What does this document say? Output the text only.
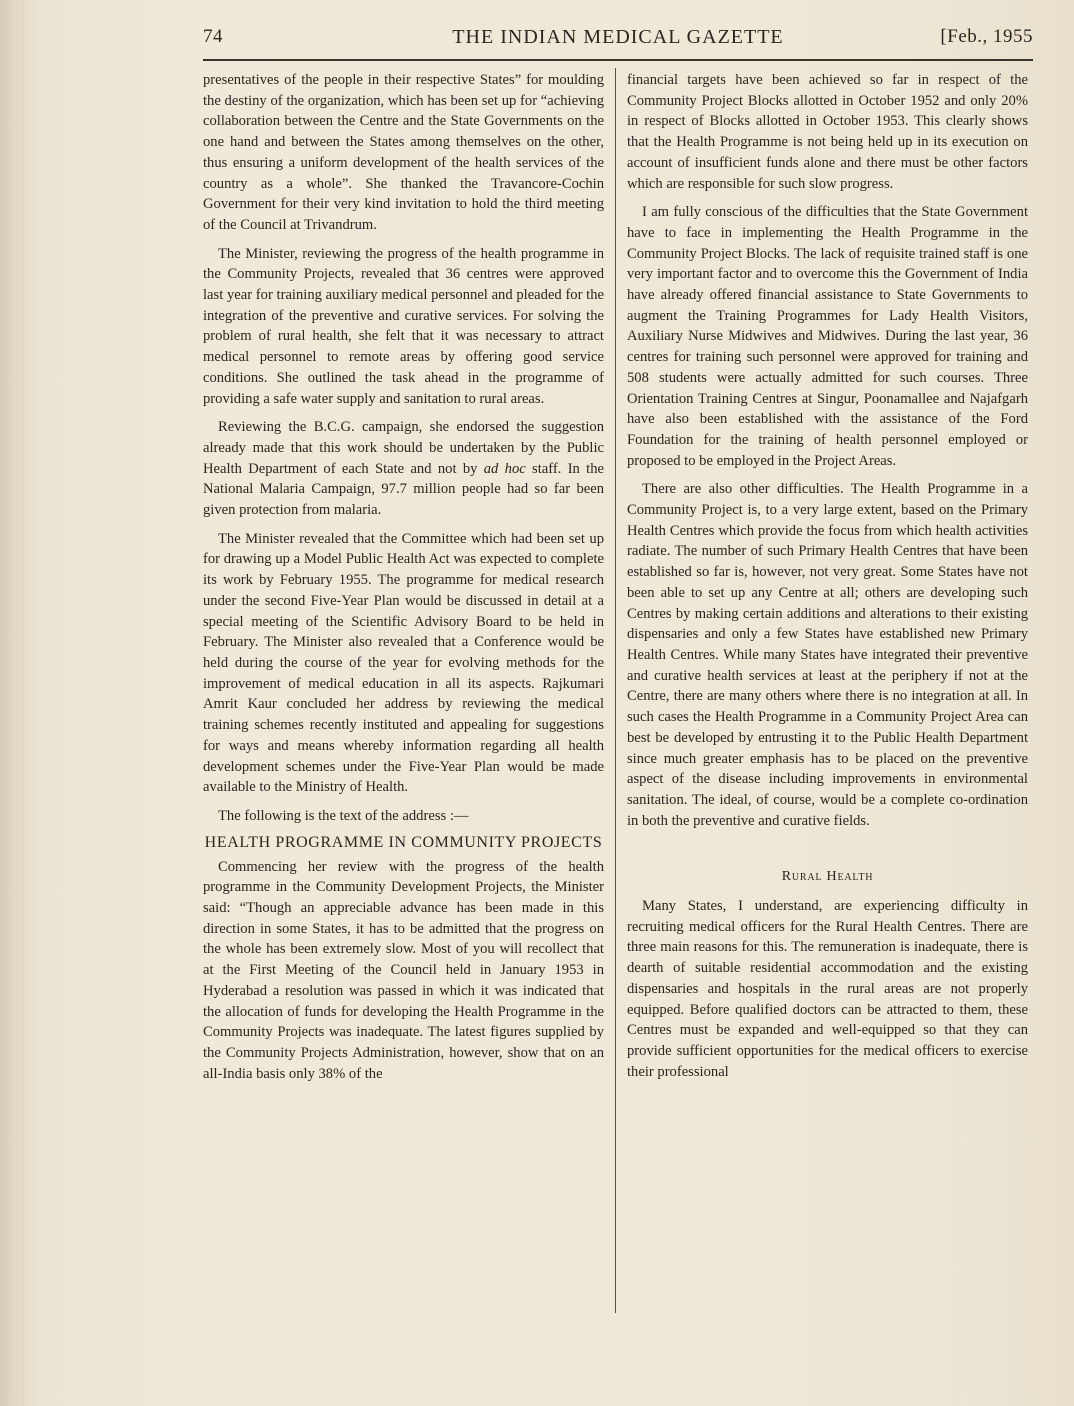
74	THE INDIAN MEDICAL GAZETTE	[Feb., 1955

presentatives of the people in their respective States” for moulding the destiny of the organization, which has been set up for “achieving collaboration between the Centre and the State Governments on the one hand and between the States among themselves on the other, thus ensuring a uniform development of the health services of the country as a whole”. She thanked the Travancore-Cochin Government for their very kind invitation to hold the third meeting of the Council at Trivandrum.

The Minister, reviewing the progress of the health programme in the Community Projects, revealed that 36 centres were approved last year for training auxiliary medical personnel and pleaded for the integration of the preventive and curative services. For solving the problem of rural health, she felt that it was necessary to attract medical personnel to remote areas by offering good service conditions. She outlined the task ahead in the programme of providing a safe water supply and sanitation to rural areas.

Reviewing the B.C.G. campaign, she endorsed the suggestion already made that this work should be undertaken by the Public Health Department of each State and not by ad hoc staff. In the National Malaria Campaign, 97.7 million people had so far been given protection from malaria.

The Minister revealed that the Committee which had been set up for drawing up a Model Public Health Act was expected to complete its work by February 1955. The programme for medical research under the second Five-Year Plan would be discussed in detail at a special meeting of the Scientific Advisory Board to be held in February. The Minister also revealed that a Conference would be held during the course of the year for evolving methods for the improvement of medical education in all its aspects. Rajkumari Amrit Kaur concluded her address by reviewing the medical training schemes recently instituted and appealing for suggestions for ways and means whereby information regarding all health development schemes under the Five-Year Plan would be made available to the Ministry of Health.

The following is the text of the address :—

HEALTH PROGRAMME IN COMMUNITY PROJECTS

Commencing her review with the progress of the health programme in the Community Development Projects, the Minister said: “Though an appreciable advance has been made in this direction in some States, it has to be admitted that the progress on the whole has been extremely slow. Most of you will recollect that at the First Meeting of the Council held in January 1953 in Hyderabad a resolution was passed in which it was indicated that the allocation of funds for developing the Health Programme in the Community Projects was inadequate. The latest figures supplied by the Community Projects Administration, however, show that on an all-India basis only 38% of the

financial targets have been achieved so far in respect of the Community Project Blocks allotted in October 1952 and only 20% in respect of Blocks allotted in October 1953. This clearly shows that the Health Programme is not being held up in its execution on account of insufficient funds alone and there must be other factors which are responsible for such slow progress.

I am fully conscious of the difficulties that the State Government have to face in implementing the Health Programme in the Community Project Blocks. The lack of requisite trained staff is one very important factor and to overcome this the Government of India have already offered financial assistance to State Governments to augment the Training Programmes for Lady Health Visitors, Auxiliary Nurse Midwives and Midwives. During the last year, 36 centres for training such personnel were approved for training and 508 students were actually admitted for such courses. Three Orientation Training Centres at Singur, Poonamallee and Najafgarh have also been established with the assistance of the Ford Foundation for the training of health personnel employed or proposed to be employed in the Project Areas.

There are also other difficulties. The Health Programme in a Community Project is, to a very large extent, based on the Primary Health Centres which provide the focus from which health activities radiate. The number of such Primary Health Centres that have been established so far is, however, not very great. Some States have not been able to set up any Centre at all; others are developing such Centres by making certain additions and alterations to their existing dispensaries and only a few States have established new Primary Health Centres. While many States have integrated their preventive and curative health services at least at the periphery if not at the Centre, there are many others where there is no integration at all. In such cases the Health Programme in a Community Project Area can best be developed by entrusting it to the Public Health Department since much greater emphasis has to be placed on the preventive aspect of the disease including improvements in environmental sanitation. The ideal, of course, would be a complete co-ordination in both the preventive and curative fields.

Rural Health

Many States, I understand, are experiencing difficulty in recruiting medical officers for the Rural Health Centres. There are three main reasons for this. The remuneration is inadequate, there is dearth of suitable residential accommodation and the existing dispensaries and hospitals in the rural areas are not properly equipped. Before qualified doctors can be attracted to them, these Centres must be expanded and well-equipped so that they can provide sufficient opportunities for the medical officers to exercise their professional
